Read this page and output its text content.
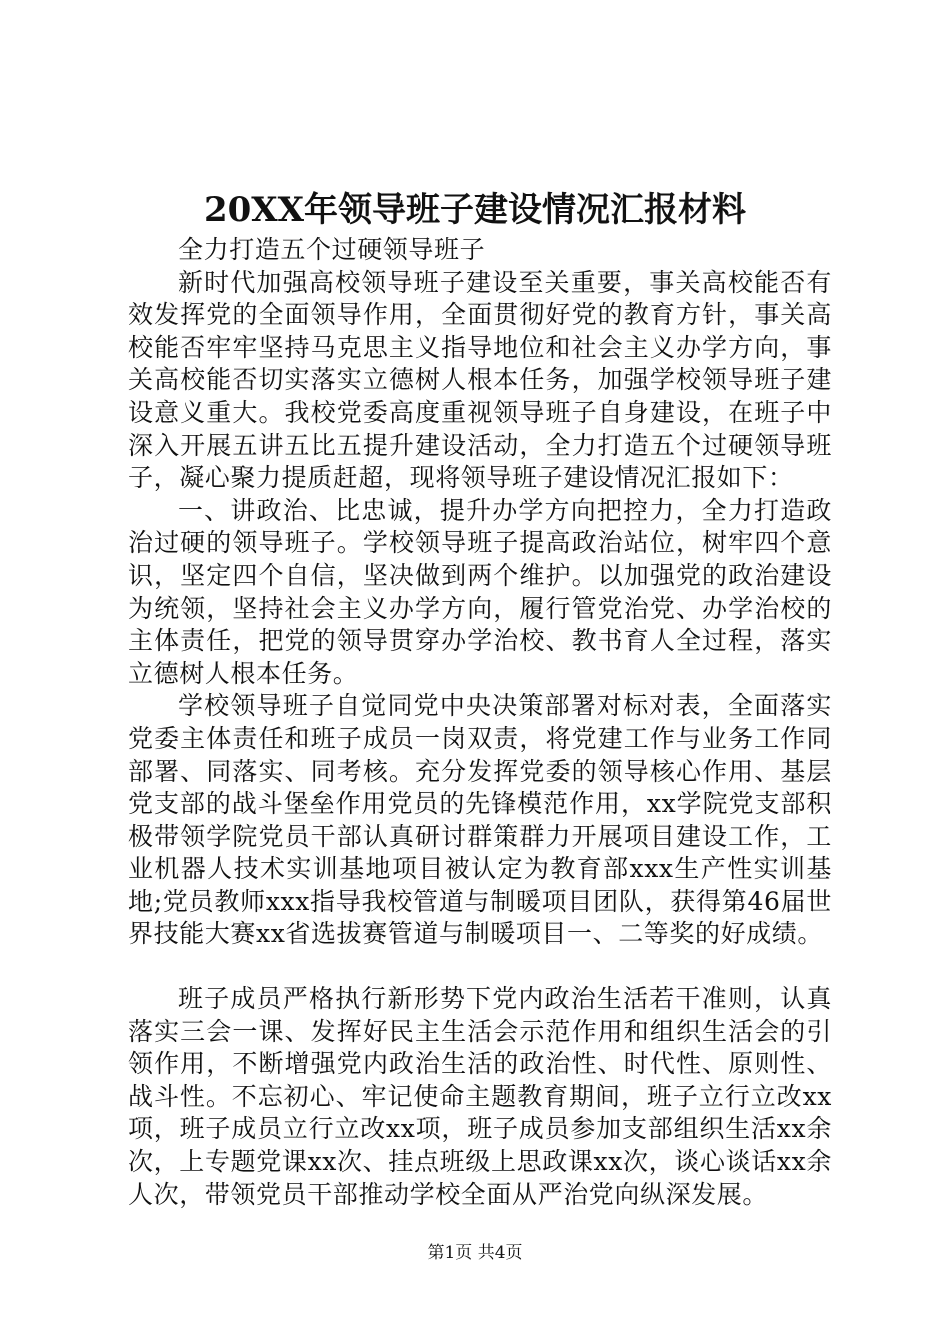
20XX年领导班子建设情况汇报材料

全力打造五个过硬领导班子

新时代加强高校领导班子建设至关重要，事关高校能否有效发挥党的全面领导作用，全面贯彻好党的教育方针，事关高校能否牢牢坚持马克思主义指导地位和社会主义办学方向，事关高校能否切实落实立德树人根本任务，加强学校领导班子建设意义重大。我校党委高度重视领导班子自身建设，在班子中深入开展五讲五比五提升建设活动，全力打造五个过硬领导班子，凝心聚力提质赶超，现将领导班子建设情况汇报如下：

一、讲政治、比忠诚，提升办学方向把控力，全力打造政治过硬的领导班子。学校领导班子提高政治站位，树牢四个意识，坚定四个自信，坚决做到两个维护。以加强党的政治建设为统领，坚持社会主义办学方向，履行管党治党、办学治校的主体责任，把党的领导贯穿办学治校、教书育人全过程，落实立德树人根本任务。

学校领导班子自觉同党中央决策部署对标对表，全面落实党委主体责任和班子成员一岗双责，将党建工作与业务工作同部署、同落实、同考核。充分发挥党委的领导核心作用、基层党支部的战斗堡垒作用党员的先锋模范作用，xx学院党支部积极带领学院党员干部认真研讨群策群力开展项目建设工作，工业机器人技术实训基地项目被认定为教育部xxx生产性实训基地;党员教师xxx指导我校管道与制暖项目团队，获得第46届世界技能大赛xx省选拔赛管道与制暖项目一、二等奖的好成绩。

班子成员严格执行新形势下党内政治生活若干准则，认真落实三会一课、发挥好民主生活会示范作用和组织生活会的引领作用，不断增强党内政治生活的政治性、时代性、原则性、战斗性。不忘初心、牢记使命主题教育期间，班子立行立改xx项，班子成员立行立改xx项，班子成员参加支部组织生活xx余次，上专题党课xx次、挂点班级上思政课xx次，谈心谈话xx余人次，带领党员干部推动学校全面从严治党向纵深发展。

第1页 共4页
